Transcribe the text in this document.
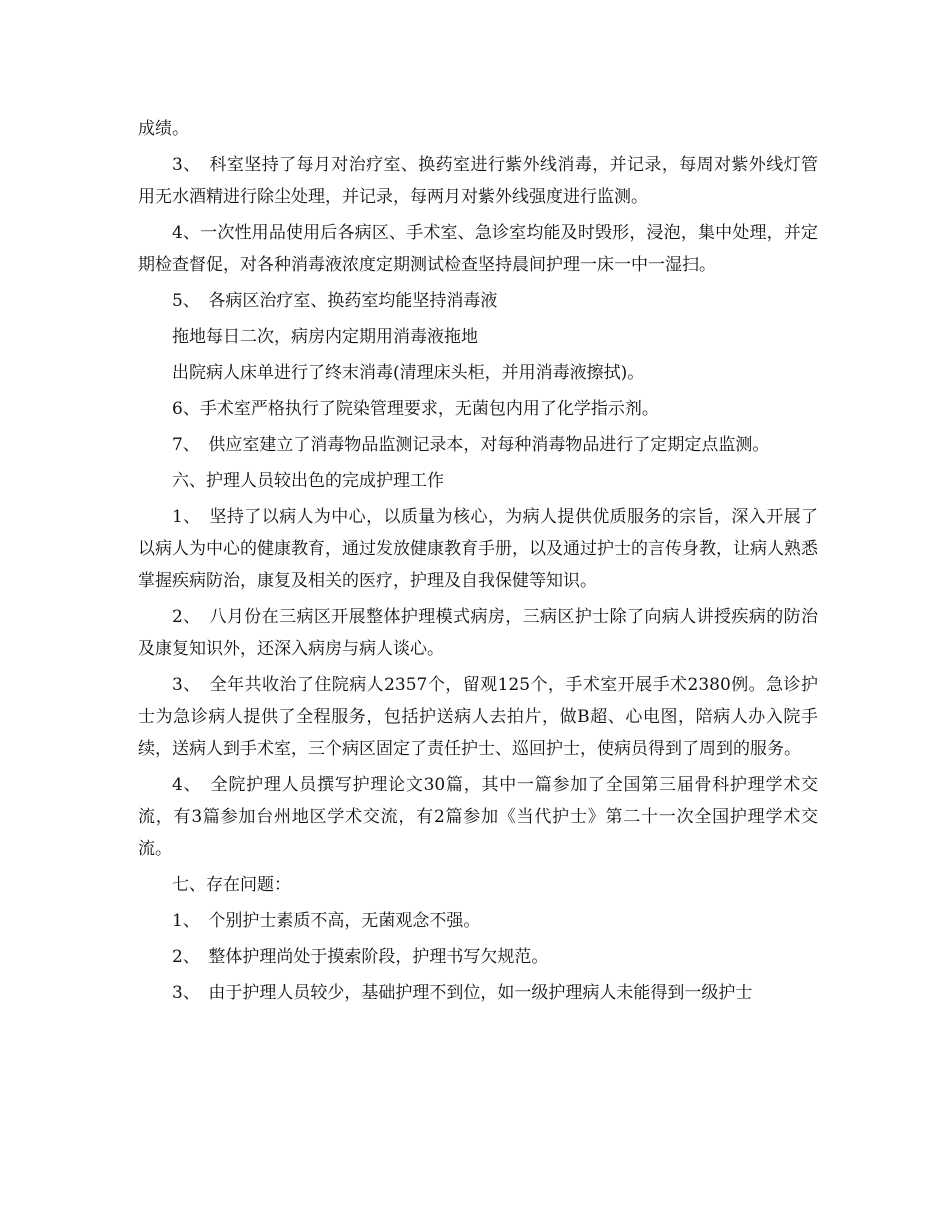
成绩。

3、　科室坚持了每月对治疗室、换药室进行紫外线消毒，并记录，每周对紫外线灯管用无水酒精进行除尘处理，并记录，每两月对紫外线强度进行监测。

4、一次性用品使用后各病区、手术室、急诊室均能及时毁形，浸泡，集中处理，并定期检查督促，对各种消毒液浓度定期测试检查坚持晨间护理一床一中一湿扫。

5、　各病区治疗室、换药室均能坚持消毒液

拖地每日二次，病房内定期用消毒液拖地

出院病人床单进行了终末消毒(清理床头柜，并用消毒液擦拭)。

6、手术室严格执行了院染管理要求，无菌包内用了化学指示剂。

7、　供应室建立了消毒物品监测记录本，对每种消毒物品进行了定期定点监测。

六、护理人员较出色的完成护理工作

1、　坚持了以病人为中心，以质量为核心，为病人提供优质服务的宗旨，深入开展了以病人为中心的健康教育，通过发放健康教育手册，以及通过护士的言传身教，让病人熟悉掌握疾病防治，康复及相关的医疗，护理及自我保健等知识。

2、　八月份在三病区开展整体护理模式病房，三病区护士除了向病人讲授疾病的防治及康复知识外，还深入病房与病人谈心。

3、　全年共收治了住院病人2357个，留观125个，手术室开展手术2380例。急诊护士为急诊病人提供了全程服务，包括护送病人去拍片，做B超、心电图，陪病人办入院手续，送病人到手术室，三个病区固定了责任护士、巡回护士，使病员得到了周到的服务。

4、　全院护理人员撰写护理论文30篇，其中一篇参加了全国第三届骨科护理学术交流，有3篇参加台州地区学术交流，有2篇参加《当代护士》第二十一次全国护理学术交流。

七、存在问题：

1、　个别护士素质不高，无菌观念不强。

2、　整体护理尚处于摸索阶段，护理书写欠规范。

3、　由于护理人员较少，基础护理不到位，如一级护理病人未能得到一级护士
